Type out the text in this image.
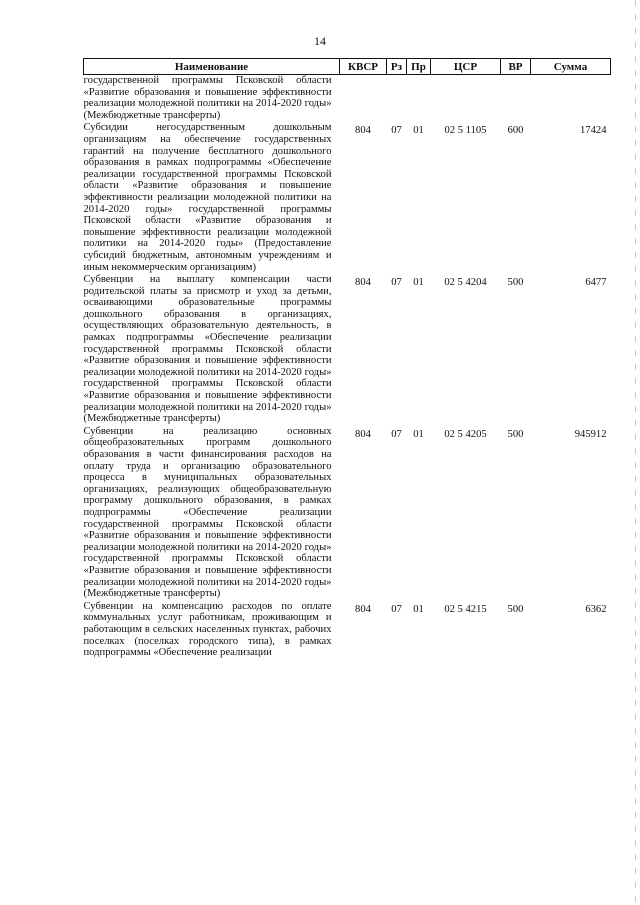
14
Наименование	КВСР	Рз	Пр	ЦСР	ВР	Сумма
государственной программы Псковской области «Развитие образования и повышение эффективности реализации молодежной политики на 2014-2020 годы» (Межбюджетные трансферты)						
Субсидии негосударственным дошкольным организациям на обеспечение государственных гарантий на получение бесплатного дошкольного образования в рамках подпрограммы «Обеспечение реализации государственной программы Псковской области «Развитие образования и повышение эффективности реализации молодежной политики на 2014-2020 годы» государственной программы Псковской области «Развитие образования и повышение эффективности реализации молодежной политики на 2014-2020 годы» (Предоставление субсидий бюджетным, автономным учреждениям и иным некоммерческим организациям)	804	07	01	02 5 1105	600	17424
Субвенции на выплату компенсации части родительской платы за присмотр и уход за детьми, осваивающими образовательные программы дошкольного образования в организациях, осуществляющих образовательную деятельность, в рамках подпрограммы «Обеспечение реализации государственной программы Псковской области «Развитие образования и повышение эффективности реализации молодежной политики на 2014-2020 годы» государственной программы Псковской области «Развитие образования и повышение эффективности реализации молодежной политики на 2014-2020 годы» (Межбюджетные трансферты)	804	07	01	02 5 4204	500	6477
Субвенции на реализацию основных общеобразовательных программ дошкольного образования в части финансирования расходов на оплату труда и организацию образовательного процесса в муниципальных образовательных организациях, реализующих общеобразовательную программу дошкольного образования, в рамках подпрограммы «Обеспечение реализации государственной программы Псковской области «Развитие образования и повышение эффективности реализации молодежной политики на 2014-2020 годы» государственной программы Псковской области «Развитие образования и повышение эффективности реализации молодежной политики на 2014-2020 годы» (Межбюджетные трансферты)	804	07	01	02 5 4205	500	945912
Субвенции на компенсацию расходов по оплате коммунальных услуг работникам, проживающим и работающим в сельских населенных пунктах, рабочих поселках (поселках городского типа), в рамках подпрограммы «Обеспечение реализации	804	07	01	02 5 4215	500	6362
